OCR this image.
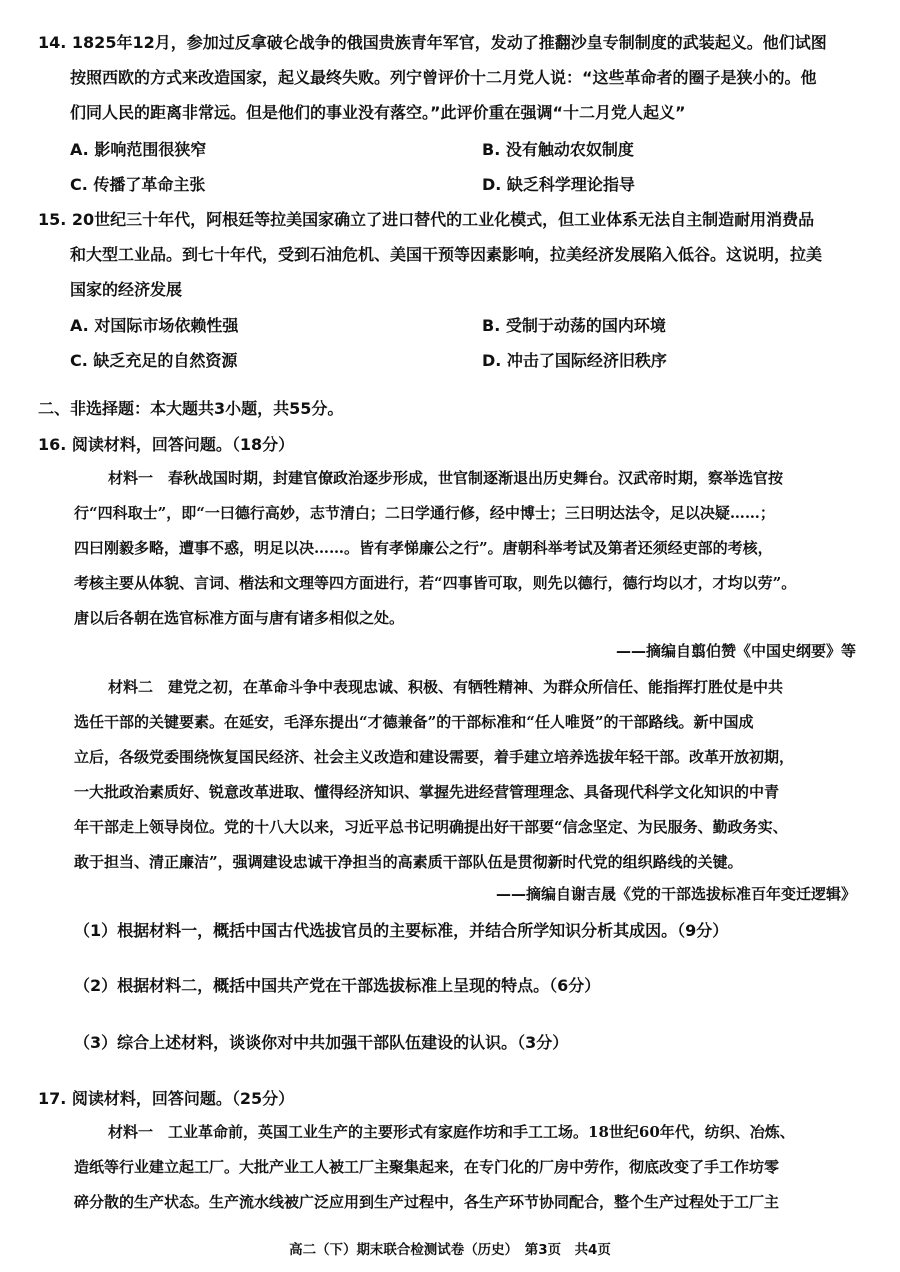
14. 1825年12月，参加过反拿破仑战争的俄国贵族青年军官，发动了推翻沙皇专制制度的武装起义。他们试图
按照西欧的方式来改造国家，起义最终失败。列宁曾评价十二月党人说：“这些革命者的圈子是狭小的。他
们同人民的距离非常远。但是他们的事业没有落空。”此评价重在强调“十二月党人起义”
A. 影响范围很狭窄	B. 没有触动农奴制度
C. 传播了革命主张	D. 缺乏科学理论指导
15. 20世纪三十年代，阿根廷等拉美国家确立了进口替代的工业化模式，但工业体系无法自主制造耐用消费品
和大型工业品。到七十年代，受到石油危机、美国干预等因素影响，拉美经济发展陷入低谷。这说明，拉美
国家的经济发展
A. 对国际市场依赖性强	B. 受制于动荡的国内环境
C. 缺乏充足的自然资源	D. 冲击了国际经济旧秩序
二、非选择题：本大题共3小题，共55分。
16. 阅读材料，回答问题。（18分）
材料一　春秋战国时期，封建官僚政治逐步形成，世官制逐渐退出历史舞台。汉武帝时期，察举选官按
行“四科取士”，即“一曰德行高妙，志节清白；二曰学通行修，经中博士；三曰明达法令，足以决疑……；
四曰刚毅多略，遭事不惑，明足以决……。皆有孝悌廉公之行”。唐朝科举考试及第者还须经吏部的考核，
考核主要从体貌、言词、楷法和文理等四方面进行，若“四事皆可取，则先以德行，德行均以才，才均以劳”。
唐以后各朝在选官标准方面与唐有诸多相似之处。
——摘编自翦伯赞《中国史纲要》等
材料二　建党之初，在革命斗争中表现忠诚、积极、有牺牲精神、为群众所信任、能指挥打胜仗是中共
选任干部的关键要素。在延安，毛泽东提出“才德兼备”的干部标准和“任人唯贤”的干部路线。新中国成
立后，各级党委围绕恢复国民经济、社会主义改造和建设需要，着手建立培养选拔年轻干部。改革开放初期，
一大批政治素质好、锐意改革进取、懂得经济知识、掌握先进经营管理理念、具备现代科学文化知识的中青
年干部走上领导岗位。党的十八大以来，习近平总书记明确提出好干部要“信念坚定、为民服务、勤政务实、
敢于担当、清正廉洁”，强调建设忠诚干净担当的高素质干部队伍是贯彻新时代党的组织路线的关键。
——摘编自谢吉晟《党的干部选拔标准百年变迁逻辑》
（1）根据材料一，概括中国古代选拔官员的主要标准，并结合所学知识分析其成因。（9分）
（2）根据材料二，概括中国共产党在干部选拔标准上呈现的特点。（6分）
（3）综合上述材料，谈谈你对中共加强干部队伍建设的认识。（3分）
17. 阅读材料，回答问题。（25分）
材料一　工业革命前，英国工业生产的主要形式有家庭作坊和手工工场。18世纪60年代，纺织、冶炼、
造纸等行业建立起工厂。大批产业工人被工厂主聚集起来，在专门化的厂房中劳作，彻底改变了手工作坊零
碎分散的生产状态。生产流水线被广泛应用到生产过程中，各生产环节协同配合，整个生产过程处于工厂主
高二（下）期末联合检测试卷（历史）　第3页　共4页
